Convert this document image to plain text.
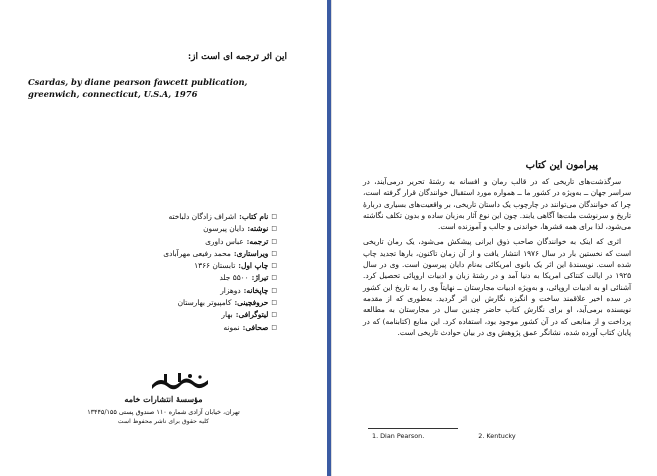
این اثر ترجمه ای است از:
Csardas, by diane pearson fawcett publication, greenwich, connecticut, U.S.A, 1976
□
نام کتاب:
اشراف زادگان دلباخته
□
نوشته:
دایان پیرسون
□
ترجمه:
عباس داوری
□
ویراستاری:
محمد رفیعی مهرآبادی
□
چاپ اول:
تابستان ۱۳۶۶
□
تیراژ:
۵۵۰۰ جلد
□
چاپخانه:
دوهزار
□
حروفچینی:
کامپیوتر بهارستان
□
لیتوگرافی:
بهار
□
صحافی:
نمونه
مؤسسهٔ انتشارات خامه
تهران، خیابان آزادی شماره ۱۱۰ صندوق پستی ۱۳۴۴۵/۱۵۵
کلیه حقوق برای ناشر محفوظ است
پیرامون این کتاب

سرگذشت‌های تاریخی که در قالب رمان و افسانه به رشتهٔ تحریر درمی‌آیند، در سراسر جهان ــ به‌ویژه در کشور ما ــ همواره مورد استقبال خوانندگان قرار گرفته است، چرا که خوانندگان می‌توانند در چارچوب یک داستان تاریخی، بر واقعیت‌های بسیاری دربارهٔ تاریخ و سرنوشت ملت‌ها آگاهی یابند. چون این نوع آثار به‌زبان ساده و بدون تکلف نگاشته می‌شود، لذا برای همه قشرها، خواندنی و جالب و آموزنده است.

اثری که اینک به خوانندگان صاحب ذوق ایرانی پیشکش می‌شود، یک رمان تاریخی است که نخستین بار در سال ۱۹۷۶ انتشار یافت و از آن زمان تاکنون، بارها تجدید چاپ شده است. نویسندهٔ این اثر یک بانوی امریکائی به‌نام دایان پیرسون است. وی در سال ۱۹۲۵ در ایالت کنتاکی امریکا به دنیا آمد و در رشتهٔ زبان و ادبیات اروپائی تحصیل کرد. آشنائی او به ادبیات اروپائی، و به‌ویژه ادبیات مجارستان ــ نهایتاً وی را به تاریخ این کشور در سده اخیر علاقمند ساخت و انگیزه نگارش این اثر گردید. به‌طوری که از مقدمه نویسنده برمی‌آید، او برای نگارش کتاب حاضر چندین سال در مجارستان به مطالعه پرداخت و از منابعی که در آن کشور موجود بود، استفاده کرد. این منابع (کتابنامه) که در پایان کتاب آورده شده، نشانگر عمق پژوهش وی در بیان حوادث تاریخی است.

1. Dian Pearson.	2. Kentucky
